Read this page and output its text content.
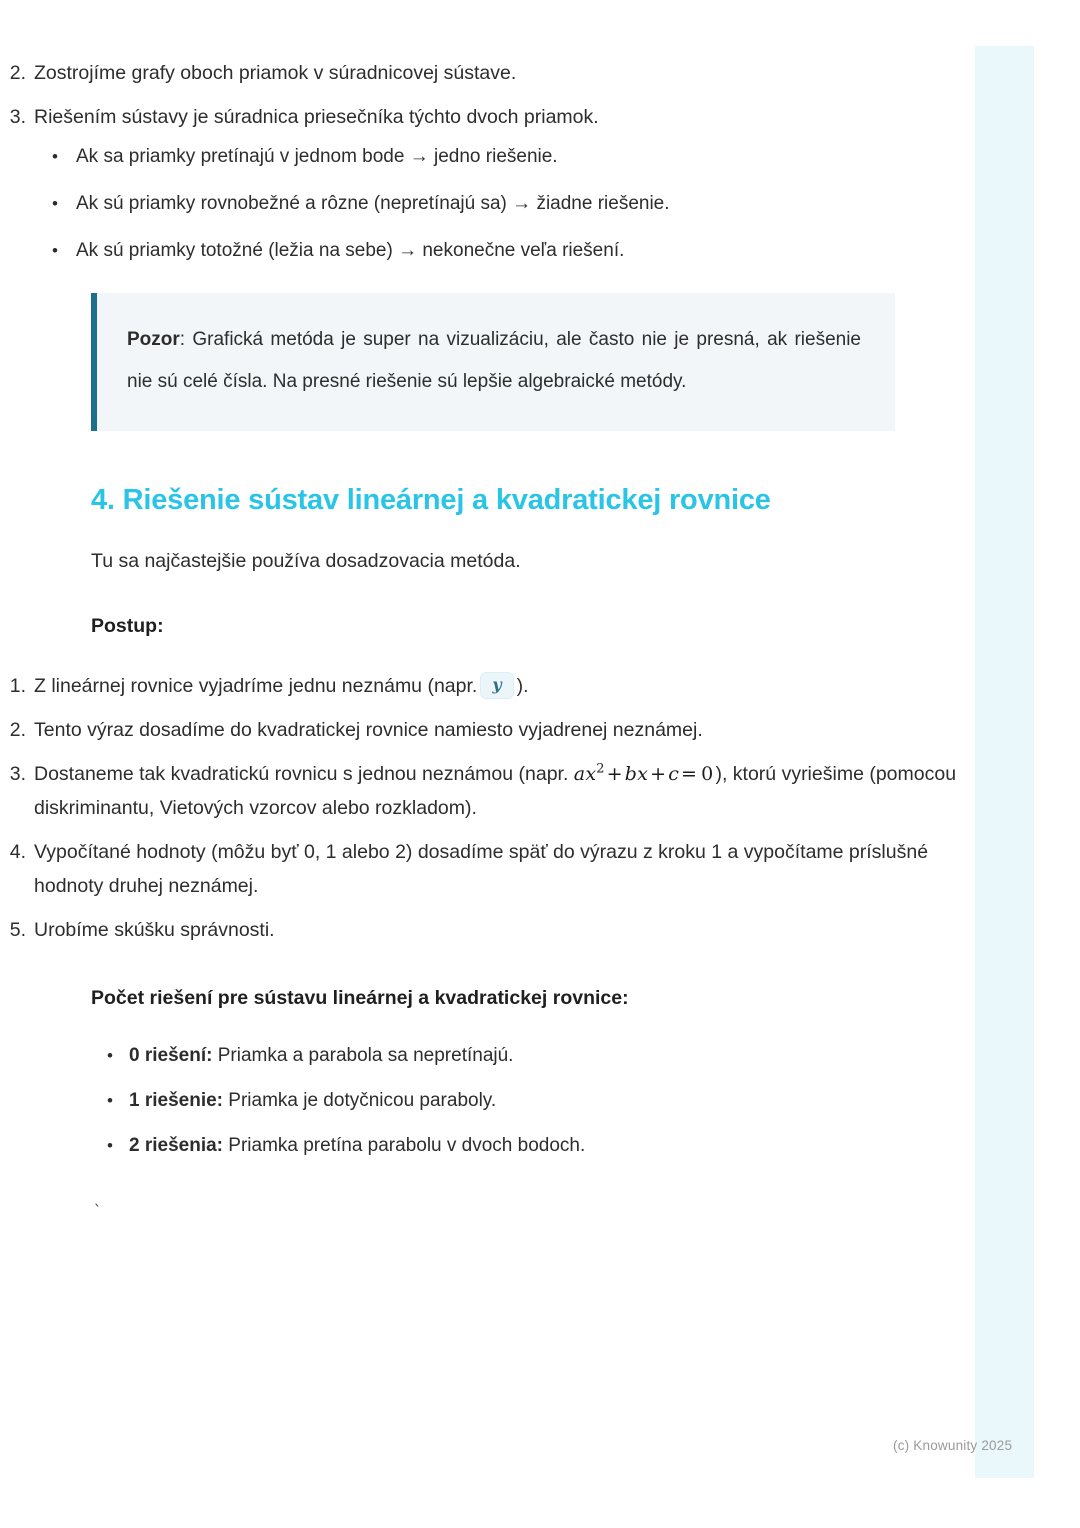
2. Zostrojíme grafy oboch priamok v súradnicovej sústave.
3. Riešením sústavy je súradnica priesečníka týchto dvoch priamok.
• Ak sa priamky pretínajú v jednom bode → jedno riešenie.
• Ak sú priamky rovnobežné a rôzne (nepretínajú sa) → žiadne riešenie.
• Ak sú priamky totožné (ležia na sebe) → nekonečne veľa riešení.

Pozor: Grafická metóda je super na vizualizáciu, ale často nie je presná, ak riešenie nie sú celé čísla. Na presné riešenie sú lepšie algebraické metódy.

4. Riešenie sústav lineárnej a kvadratickej rovnice

Tu sa najčastejšie používa dosadzovacia metóda.

Postup:

1. Z lineárnej rovnice vyjadríme jednu neznámu (napr. y ).
2. Tento výraz dosadíme do kvadratickej rovnice namiesto vyjadrenej neznámej.
3. Dostaneme tak kvadratickú rovnicu s jednou neznámou (napr. $ax^2$ + bx + c = 0 ), ktorú vyriešime (pomocou diskriminantu, Vietových vzorcov alebo rozkladom).
4. Vypočítané hodnoty (môžu byť 0, 1 alebo 2) dosadíme späť do výrazu z kroku 1 a vypočítame príslušné hodnoty druhej neznámej.
5. Urobíme skúšku správnosti.

Počet riešení pre sústavu lineárnej a kvadratickej rovnice:

• 0 riešení: Priamka a parabola sa nepretínajú.
• 1 riešenie: Priamka je dotyčnicou paraboly.
• 2 riešenia: Priamka pretína parabolu v dvoch bodoch.

`

(c) Knowunity 2025
